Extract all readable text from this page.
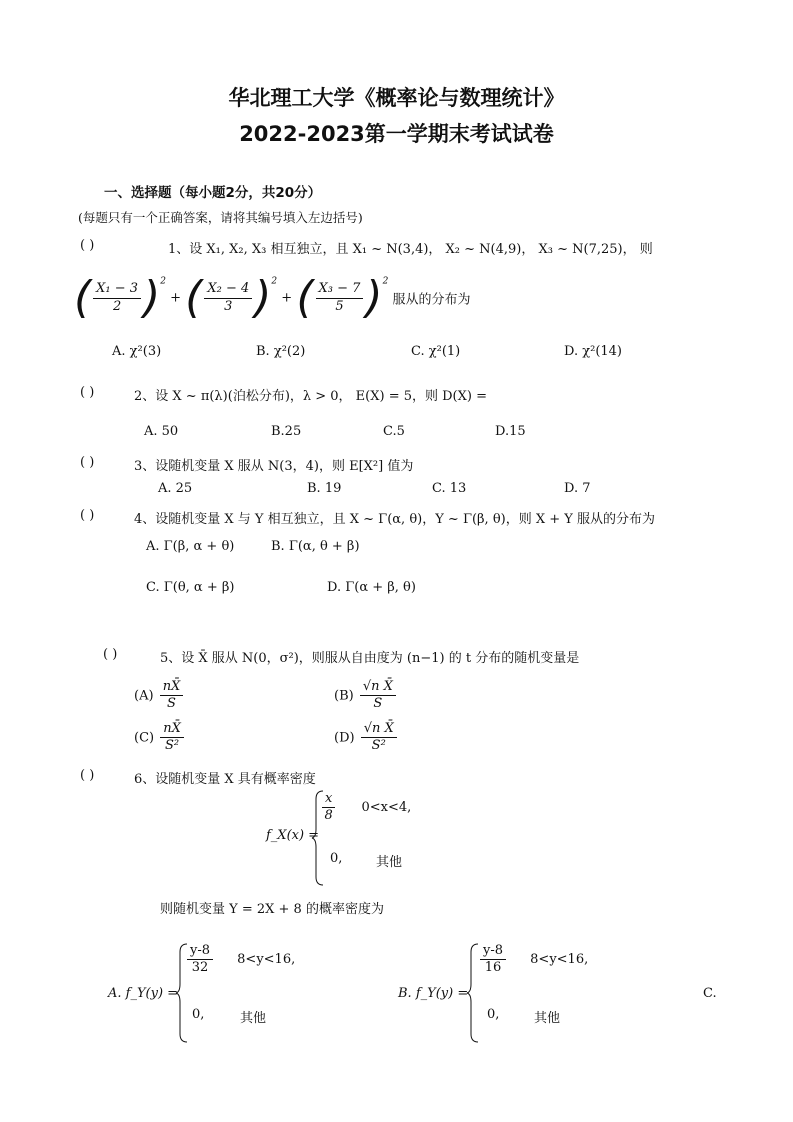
华北理工大学《概率论与数理统计》
2022-2023第一学期末考试试卷
一、选择题（每小题2分，共20分）
(每题只有一个正确答案，请将其编号填入左边括号)
( )	1、设 X₁, X₂, X₃ 相互独立，且 X₁ ~ N(3,4)， X₂ ~ N(4,9)， X₃ ~ N(7,25)， 则
( $\frac{\text{X₁ − 3}}{2} )^2$ + ( $\frac{\text{X₂ − 4}}{3} )^2$ + ( $\frac{\text{X₃ − 7}}{5} )^2$ 服从的分布为
A. χ²(3)	B. χ²(2)	C. χ²(1)	D. χ²(14)
( )	2、设 X ~ π(λ)(泊松分布)，λ > 0， E(X) = 5，则 D(X) =
A. 50	B.25	C.5	D.15
( )	3、设随机变量 X 服从 N(3，4)，则 E[X²] 值为
A. 25	B. 19	C. 13	D. 7
( )	4、设随机变量 X 与 Y 相互独立，且 X ~ Γ(α, θ)，Y ~ Γ(β, θ)，则 X + Y 服从的分布为
A. Γ(β, α + θ)	B. Γ(α, θ + β)
C. Γ(θ, α + β)	D. Γ(α + β, θ)
( )	5、设 X̄ 服从 N(0，σ²)，则服从自由度为 (n−1) 的 t 分布的随机变量是
$(A) \frac{nX̄}{S}$	$(B) \frac{\text{√n X̄}}{S}$
$(C) \frac{nX̄}{\text{S²}}$	$(D) \frac{\text{√n X̄}}{\text{S²}}$
( )	6、设随机变量 X 具有概率密度
f_X(x) =
$\frac{x}{8} 0<x<4$,
0,	其他
则随机变量 Y = 2X + 8 的概率密度为
A. f_Y(y) =
$\frac{y-8}{32} 8<y<16$,
0,	其他
B. f_Y(y) =
$\frac{y-8}{16} 8<y<16$,
0,	其他
C.
